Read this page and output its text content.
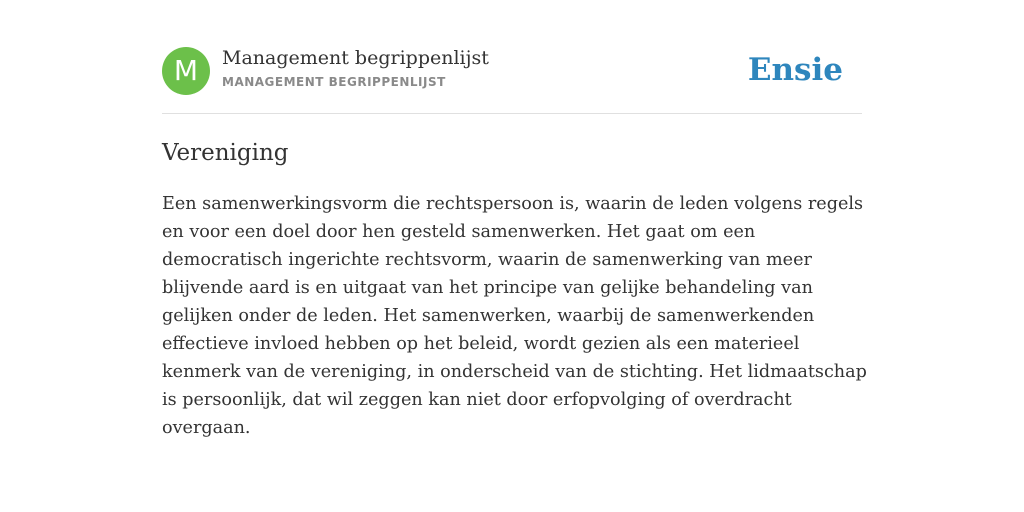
M	Management begrippenlijst
MANAGEMENT BEGRIPPENLIJST	Ensie
Vereniging

Een samenwerkingsvorm die rechtspersoon is, waarin de leden volgens regels en voor een doel door hen gesteld samenwerken. Het gaat om een democratisch ingerichte rechtsvorm, waarin de samenwerking van meer blijvende aard is en uitgaat van het principe van gelijke behandeling van gelijken onder de leden. Het samenwerken, waarbij de samenwerkenden effectieve invloed hebben op het beleid, wordt gezien als een materieel kenmerk van de vereniging, in onderscheid van de stichting. Het lidmaatschap is persoonlijk, dat wil zeggen kan niet door erfopvolging of overdracht overgaan.
